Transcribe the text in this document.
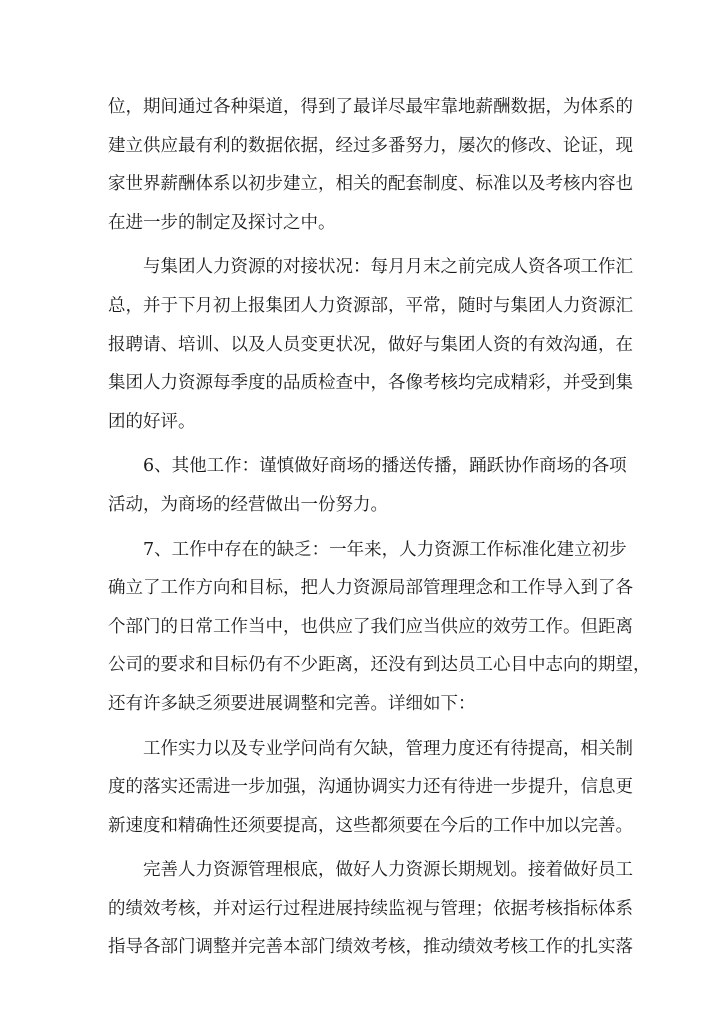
位，期间通过各种渠道，得到了最详尽最牢靠地薪酬数据，为体系的
建立供应最有利的数据依据，经过多番努力，屡次的修改、论证，现
家世界薪酬体系以初步建立，相关的配套制度、标准以及考核内容也
在进一步的制定及探讨之中。
与集团人力资源的对接状况：每月月末之前完成人资各项工作汇
总，并于下月初上报集团人力资源部，平常，随时与集团人力资源汇
报聘请、培训、以及人员变更状况，做好与集团人资的有效沟通，在
集团人力资源每季度的品质检查中，各像考核均完成精彩，并受到集
团的好评。
6、其他工作：谨慎做好商场的播送传播，踊跃协作商场的各项
活动，为商场的经营做出一份努力。
7、工作中存在的缺乏：一年来，人力资源工作标准化建立初步
确立了工作方向和目标，把人力资源局部管理理念和工作导入到了各
个部门的日常工作当中，也供应了我们应当供应的效劳工作。但距离
公司的要求和目标仍有不少距离，还没有到达员工心目中志向的期望，
还有许多缺乏须要进展调整和完善。详细如下：
工作实力以及专业学问尚有欠缺，管理力度还有待提高，相关制
度的落实还需进一步加强，沟通协调实力还有待进一步提升，信息更
新速度和精确性还须要提高，这些都须要在今后的工作中加以完善。
完善人力资源管理根底，做好人力资源长期规划。接着做好员工
的绩效考核，并对运行过程进展持续监视与管理；依据考核指标体系
指导各部门调整并完善本部门绩效考核，推动绩效考核工作的扎实落
